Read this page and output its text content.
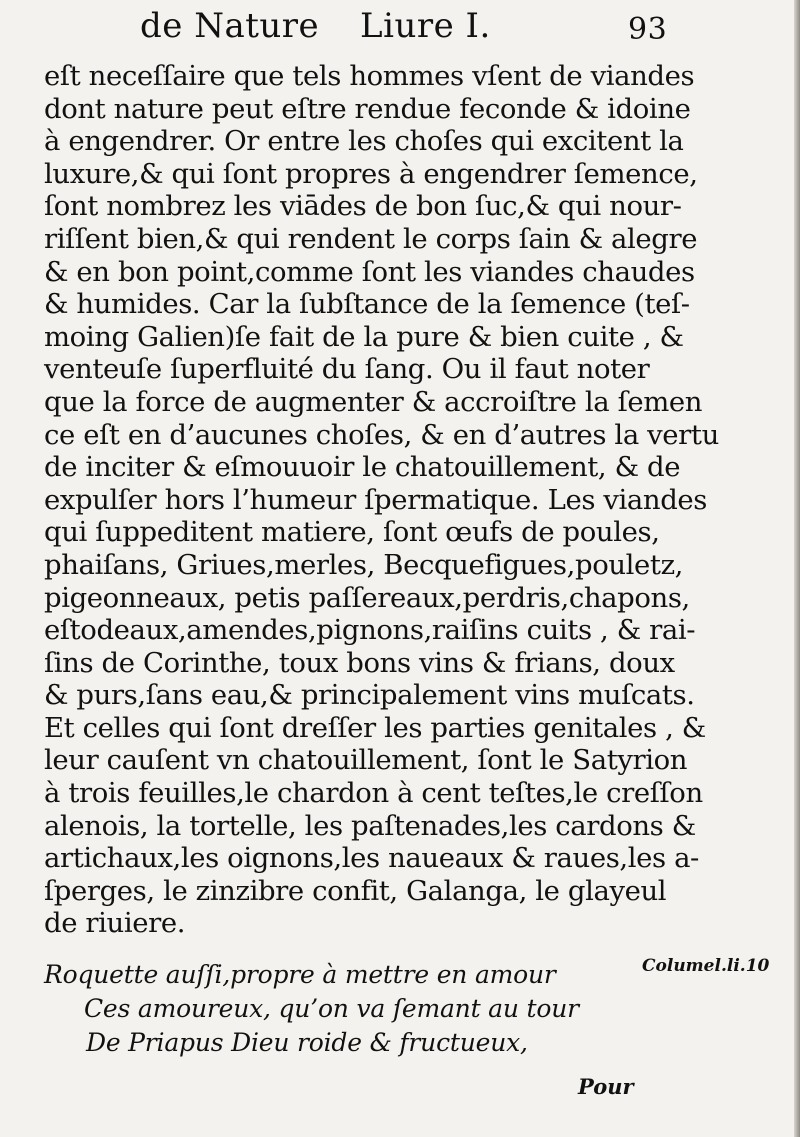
de Nature Liure I.	93
eſt neceſſaire que tels hommes vſent de viandes
dont nature peut eſtre rendue feconde & idoine
à engendrer. Or entre les choſes qui excitent la
luxure,& qui ſont propres à engendrer ſemence,
ſont nombrez les viādes de bon ſuc,& qui nour-
riſſent bien,& qui rendent le corps ſain & alegre
& en bon point,comme ſont les viandes chaudes
& humides. Car la ſubſtance de la ſemence (teſ-
moing Galien)ſe fait de la pure & bien cuite , &
venteuſe ſuperfluité du ſang. Ou il faut noter
que la force de augmenter & accroiſtre la ſemen
ce eſt en d’aucunes choſes, & en d’autres la vertu
de inciter & eſmouuoir le chatouillement, & de
expulſer hors l’humeur ſpermatique. Les viandes
qui ſuppeditent matiere, ſont œufs de poules,
phaiſans, Griues,merles, Becquefigues,pouletz,
pigeonneaux, petis paſſereaux,perdris,chapons,
eſtodeaux,amendes,pignons,raiſins cuits , & rai-
ſins de Corinthe, toux bons vins & frians, doux
& purs,ſans eau,& principalement vins muſcats.
Et celles qui ſont dreſſer les parties genitales , &
leur cauſent vn chatouillement, ſont le Satyrion
à trois feuilles,le chardon à cent teſtes,le creſſon
alenois, la tortelle, les paſtenades,les cardons &
artichaux,les oignons,les naueaux & raues,les a-
ſperges, le zinzibre confit, Galanga, le glayeul
de riuiere.
Roquette auſſi,propre à mettre en amour
Ces amoureux, qu’on va ſemant au tour
De Priapus Dieu roide & fructueux,
Columel.li.10
Pour
